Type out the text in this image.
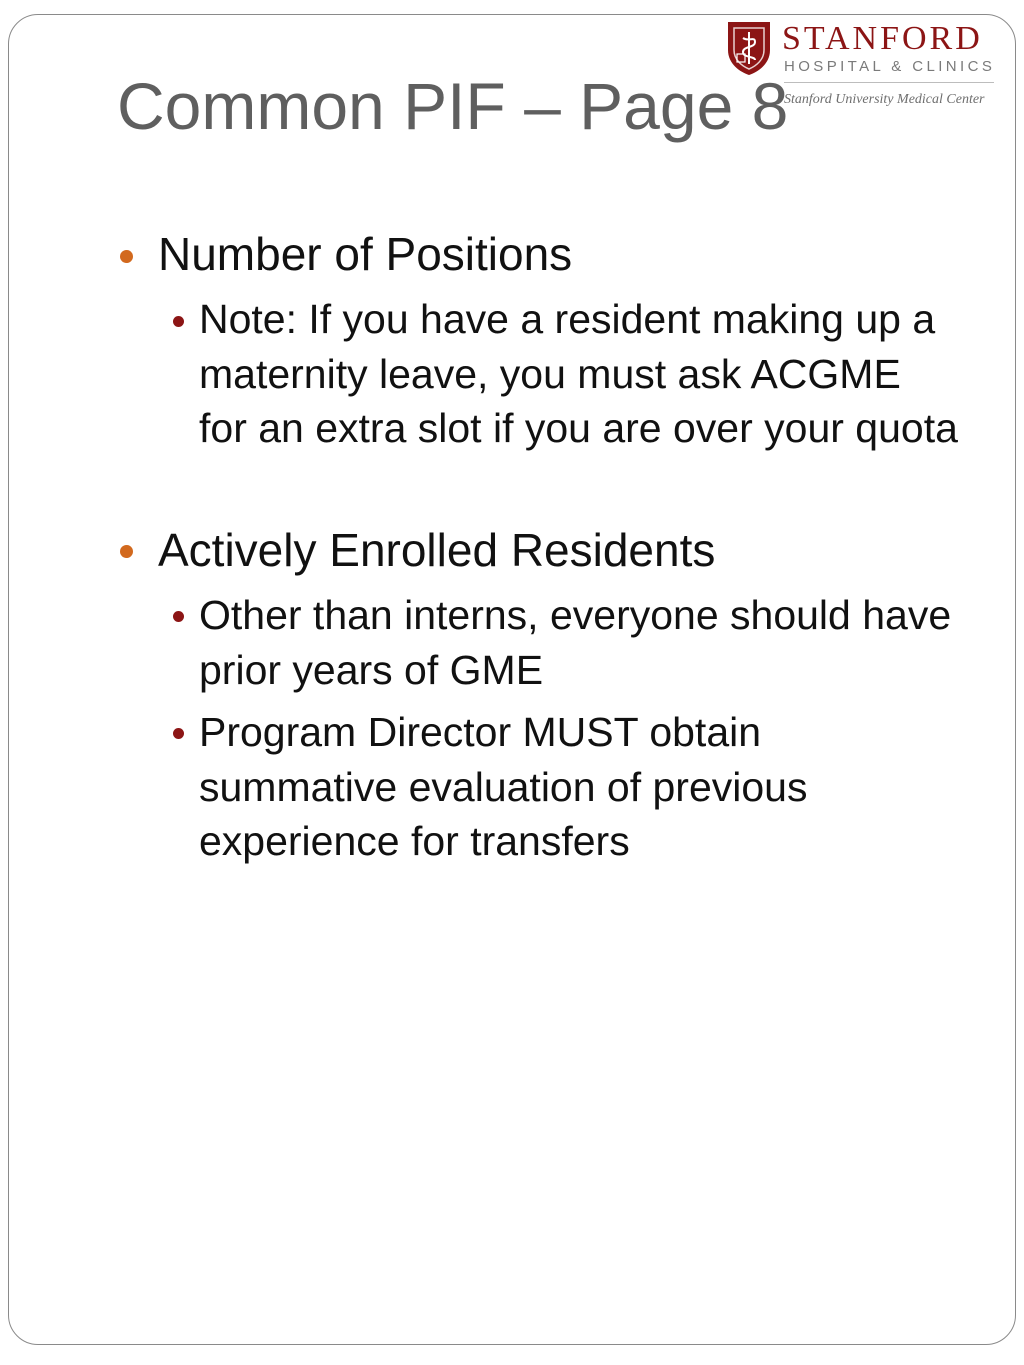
STANFORD
HOSPITAL & CLINICS
Stanford University Medical Center
Common PIF – Page 8

Number of Positions

Note: If you have a resident making up a maternity leave, you must ask ACGME for an extra slot if you are over your quota

Actively Enrolled Residents

Other than interns, everyone should have prior years of GME

Program Director MUST obtain summative evaluation of previous experience for transfers
